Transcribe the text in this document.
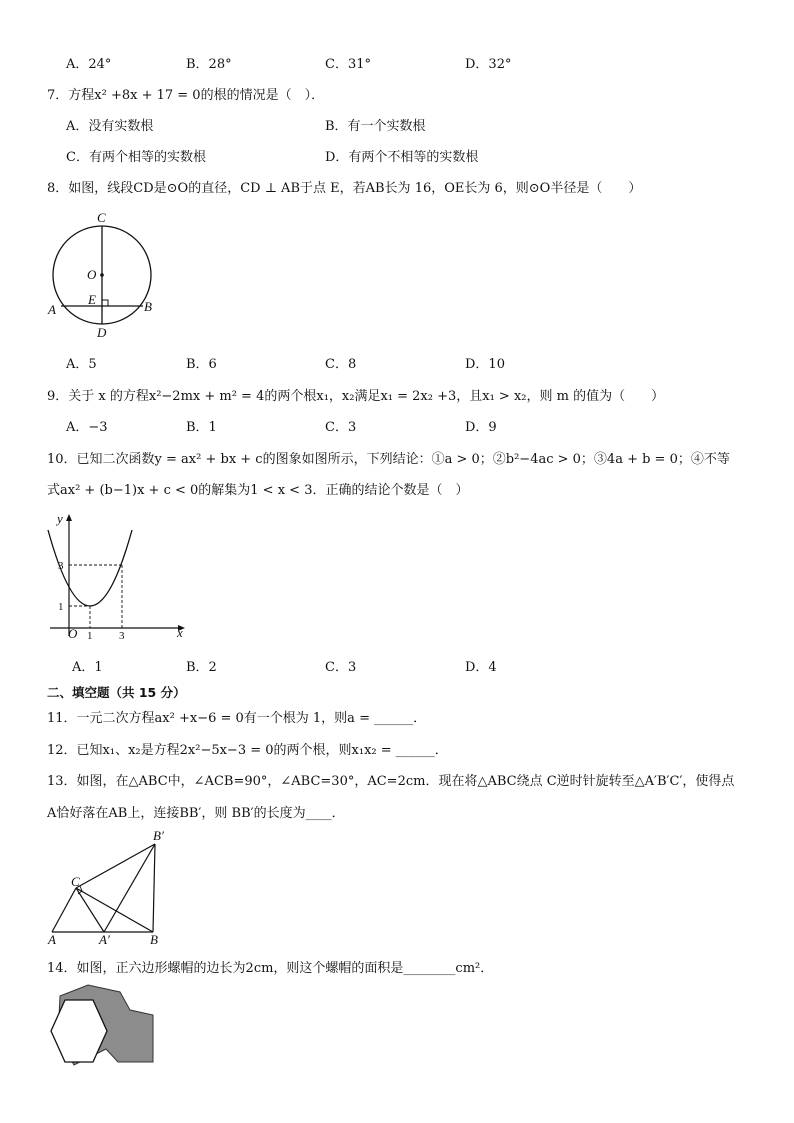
A．24°	B．28°	C．31°	D．32°
7．方程x² +8x + 17 = 0的根的情况是（　）．
A．没有实数根	B．有一个实数根
C．有两个相等的实数根	D．有两个不相等的实数根
8．如图，线段CD是⊙O的直径，CD ⊥ AB于点 E，若AB长为 16，OE长为 6，则⊙O半径是（　　）
C
O
E
A	B
D
A．5	B．6	C．8	D．10
9．关于 x 的方程x²−2mx + m² = 4的两个根x₁，x₂满足x₁ = 2x₂ +3，且x₁ > x₂，则 m 的值为（　　）
A．−3	B．1	C．3	D．9
10．已知二次函数y = ax² + bx + c的图象如图所示，下列结论：①a > 0；②b²−4ac > 0；③4a + b = 0；④不等
式ax² + (b−1)x + c < 0的解集为1 < x < 3．正确的结论个数是（　）
y
x
O
3
1
1 3
A．1	B．2	C．3	D．4
二、填空题（共 15 分）
11．一元二次方程ax² +x−6 = 0有一个根为 1，则a = ______．
12．已知x₁、x₂是方程2x²−5x−3 = 0的两个根，则x₁x₂ = ______．
13．如图，在△ABC中，∠ACB=90°，∠ABC=30°，AC=2cm．现在将△ABC绕点 C逆时针旋转至△A′B′C′，使得点
A恰好落在AB上，连接BB′，则 BB′的长度为____．
B′
C
A	A′	B
14．如图，正六边形螺帽的边长为2cm，则这个螺帽的面积是________cm²．
